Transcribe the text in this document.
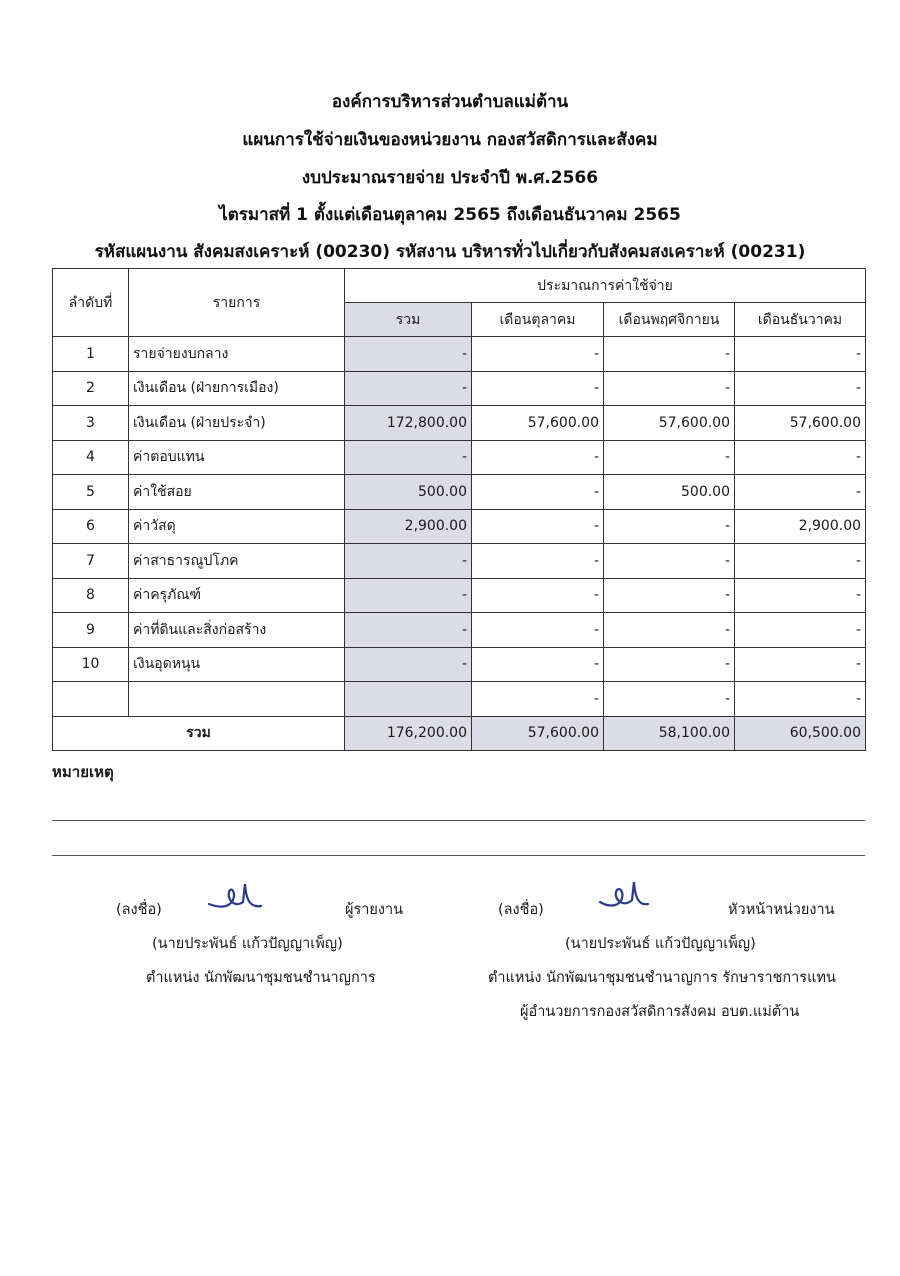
องค์การบริหารส่วนตำบลแม่ต้าน
แผนการใช้จ่ายเงินของหน่วยงาน กองสวัสดิการและสังคม
งบประมาณรายจ่าย ประจำปี พ.ศ.2566
ไตรมาสที่ 1 ตั้งแต่เดือนตุลาคม 2565 ถึงเดือนธันวาคม 2565
รหัสแผนงาน สังคมสงเคราะห์ (00230) รหัสงาน บริหารทั่วไปเกี่ยวกับสังคมสงเคราะห์ (00231)
ลำดับที่	รายการ	ประมาณการค่าใช้จ่าย			
		รวม	เดือนตุลาคม	เดือนพฤศจิกายน	เดือนธันวาคม
1	รายจ่ายงบกลาง	-	-	-	-
2	เงินเดือน (ฝ่ายการเมือง)	-	-	-	-
3	เงินเดือน (ฝ่ายประจำ)	172,800.00	57,600.00	57,600.00	57,600.00
4	ค่าตอบแทน	-	-	-	-
5	ค่าใช้สอย	500.00	-	500.00	-
6	ค่าวัสดุ	2,900.00	-	-	2,900.00
7	ค่าสาธารณูปโภค	-	-	-	-
8	ค่าครุภัณฑ์	-	-	-	-
9	ค่าที่ดินและสิ่งก่อสร้าง	-	-	-	-
10	เงินอุดหนุน	-	-	-	-
			-	-	-
รวม		176,200.00	57,600.00	58,100.00	60,500.00
หมายเหตุ
(ลงชื่อ)	ผู้รายงาน
(นายประพันธ์ แก้วปัญญาเพ็ญ)
ตำแหน่ง นักพัฒนาชุมชนชำนาญการ
(ลงชื่อ)	หัวหน้าหน่วยงาน
(นายประพันธ์ แก้วปัญญาเพ็ญ)
ตำแหน่ง นักพัฒนาชุมชนชำนาญการ รักษาราชการแทน
ผู้อำนวยการกองสวัสดิการสังคม อบต.แม่ต้าน
